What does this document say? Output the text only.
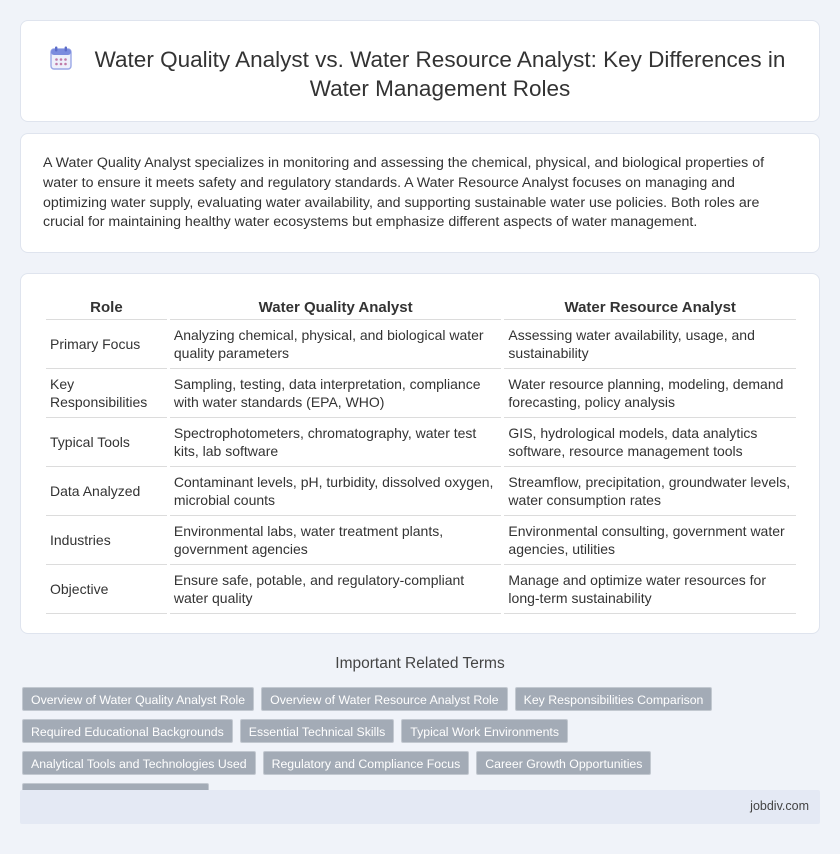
Water Quality Analyst vs. Water Resource Analyst: Key Differences in Water Management Roles

A Water Quality Analyst specializes in monitoring and assessing the chemical, physical, and biological properties of water to ensure it meets safety and regulatory standards. A Water Resource Analyst focuses on managing and optimizing water supply, evaluating water availability, and supporting sustainable water use policies. Both roles are crucial for maintaining healthy water ecosystems but emphasize different aspects of water management.

Role	Water Quality Analyst	Water Resource Analyst
Primary Focus	Analyzing chemical, physical, and biological water quality parameters	Assessing water availability, usage, and sustainability
Key Responsibilities	Sampling, testing, data interpretation, compliance with water standards (EPA, WHO)	Water resource planning, modeling, demand forecasting, policy analysis
Typical Tools	Spectrophotometers, chromatography, water test kits, lab software	GIS, hydrological models, data analytics software, resource management tools
Data Analyzed	Contaminant levels, pH, turbidity, dissolved oxygen, microbial counts	Streamflow, precipitation, groundwater levels, water consumption rates
Industries	Environmental labs, water treatment plants, government agencies	Environmental consulting, government water agencies, utilities
Objective	Ensure safe, potable, and regulatory-compliant water quality	Manage and optimize water resources for long-term sustainability
Important Related Terms
Overview of Water Quality Analyst Role	Overview of Water Resource Analyst Role	Key Responsibilities Comparison
Required Educational Backgrounds	Essential Technical Skills	Typical Work Environments
Analytical Tools and Technologies Used	Regulatory and Compliance Focus	Career Growth Opportunities
jobdiv.com
